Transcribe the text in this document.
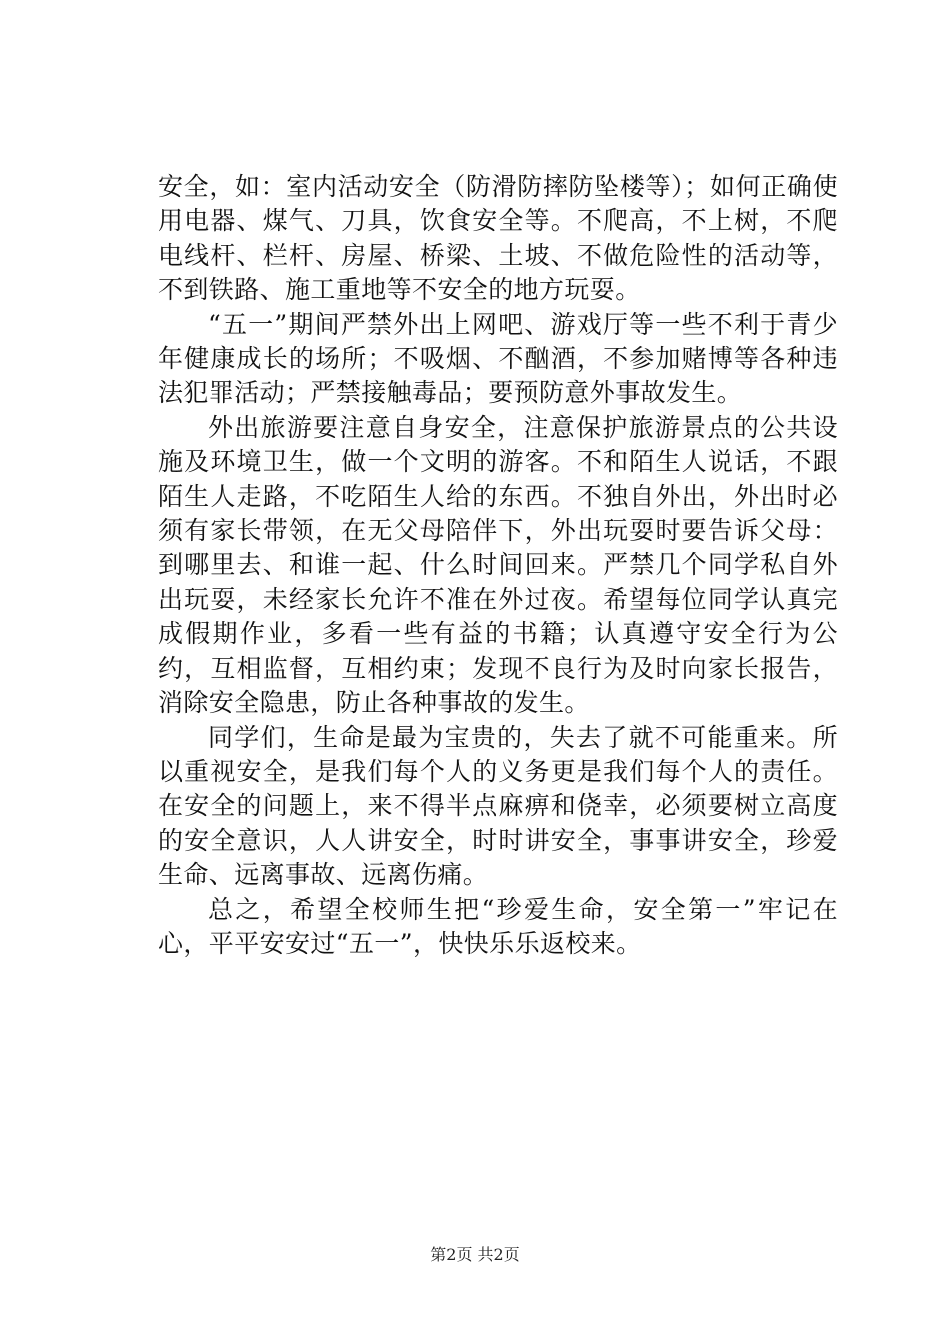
安全，如：室内活动安全（防滑防摔防坠楼等）；如何正确使用电器、煤气、刀具，饮食安全等。不爬高，不上树，不爬电线杆、栏杆、房屋、桥梁、土坡、不做危险性的活动等，不到铁路、施工重地等不安全的地方玩耍。

“五一”期间严禁外出上网吧、游戏厅等一些不利于青少年健康成长的场所；不吸烟、不酗酒，不参加赌博等各种违法犯罪活动；严禁接触毒品；要预防意外事故发生。

外出旅游要注意自身安全，注意保护旅游景点的公共设施及环境卫生，做一个文明的游客。不和陌生人说话，不跟陌生人走路，不吃陌生人给的东西。不独自外出，外出时必须有家长带领，在无父母陪伴下，外出玩耍时要告诉父母：到哪里去、和谁一起、什么时间回来。严禁几个同学私自外出玩耍，未经家长允许不准在外过夜。希望每位同学认真完成假期作业，多看一些有益的书籍；认真遵守安全行为公约，互相监督，互相约束；发现不良行为及时向家长报告，消除安全隐患，防止各种事故的发生。

同学们，生命是最为宝贵的，失去了就不可能重来。所以重视安全，是我们每个人的义务更是我们每个人的责任。在安全的问题上，来不得半点麻痹和侥幸，必须要树立高度的安全意识，人人讲安全，时时讲安全，事事讲安全，珍爱生命、远离事故、远离伤痛。

总之，希望全校师生把“珍爱生命，安全第一”牢记在心，平平安安过“五一”，快快乐乐返校来。

第2页 共2页
